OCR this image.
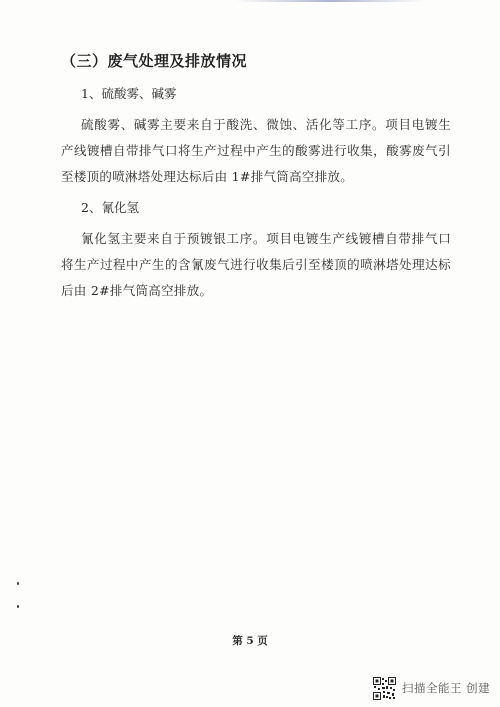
（三）废气处理及排放情况
1、硫酸雾、碱雾

硫酸雾、碱雾主要来自于酸洗、微蚀、活化等工序。项目电镀生产线镀槽自带排气口将生产过程中产生的酸雾进行收集，酸雾废气引至楼顶的喷淋塔处理达标后由 1#排气筒高空排放。

2、氰化氢

氰化氢主要来自于预镀银工序。项目电镀生产线镀槽自带排气口将生产过程中产生的含氰废气进行收集后引至楼顶的喷淋塔处理达标后由 2#排气筒高空排放。

第 5 页
扫描全能王 创建
